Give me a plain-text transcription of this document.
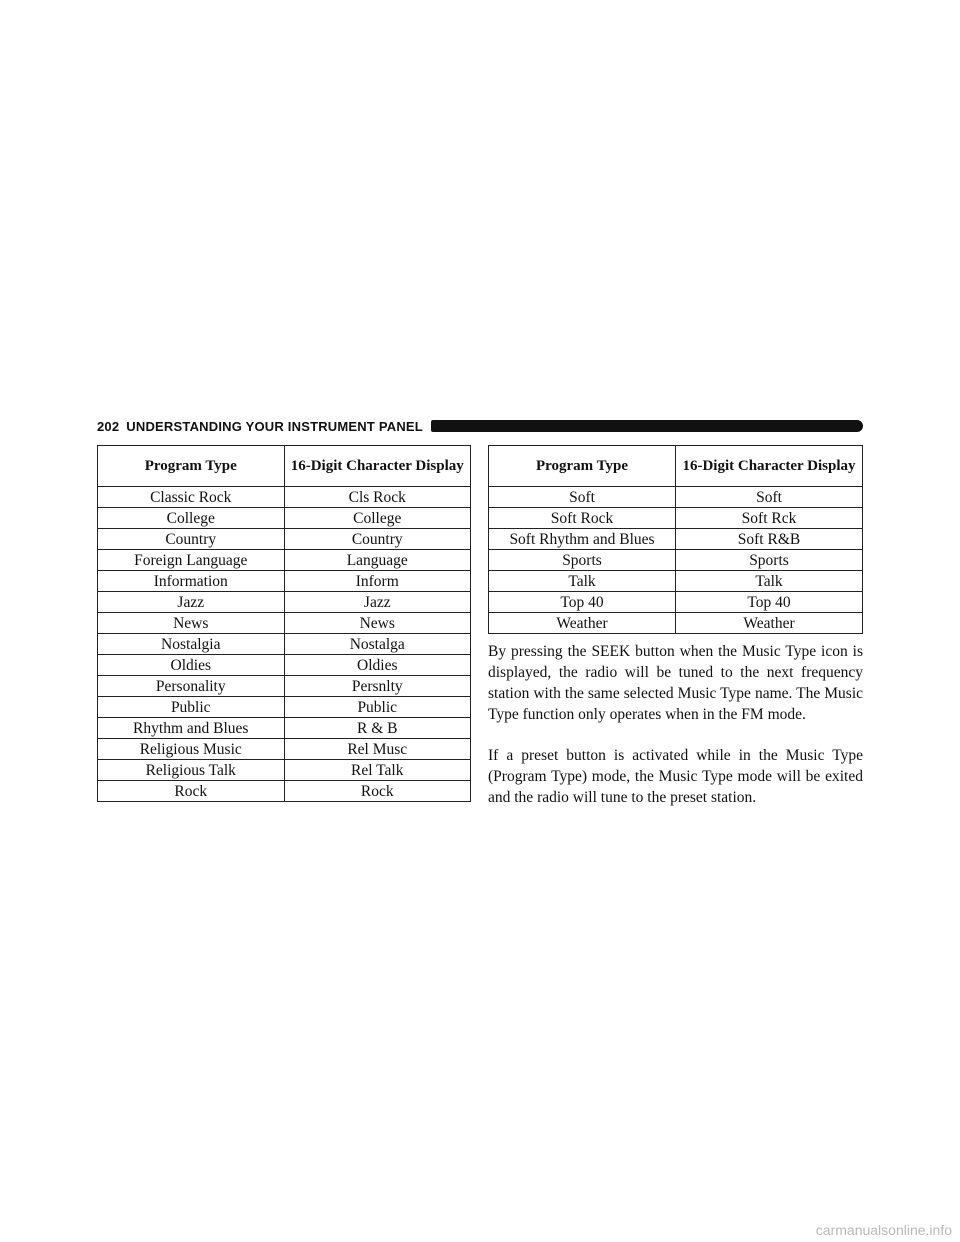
202 UNDERSTANDING YOUR INSTRUMENT PANEL
Program Type	16-Digit Character Display
Classic Rock	Cls Rock
College	College
Country	Country
Foreign Language	Language
Information	Inform
Jazz	Jazz
News	News
Nostalgia	Nostalga
Oldies	Oldies
Personality	Persnlty
Public	Public
Rhythm and Blues	R & B
Religious Music	Rel Musc
Religious Talk	Rel Talk
Rock	Rock
Program Type	16-Digit Character Display
Soft	Soft
Soft Rock	Soft Rck
Soft Rhythm and Blues	Soft R&B
Sports	Sports
Talk	Talk
Top 40	Top 40
Weather	Weather

By pressing the SEEK button when the Music Type icon is displayed, the radio will be tuned to the next frequency station with the same selected Music Type name. The Music Type function only operates when in the FM mode.

If a preset button is activated while in the Music Type (Program Type) mode, the Music Type mode will be exited and the radio will tune to the preset station.

carmanualsonline.info
